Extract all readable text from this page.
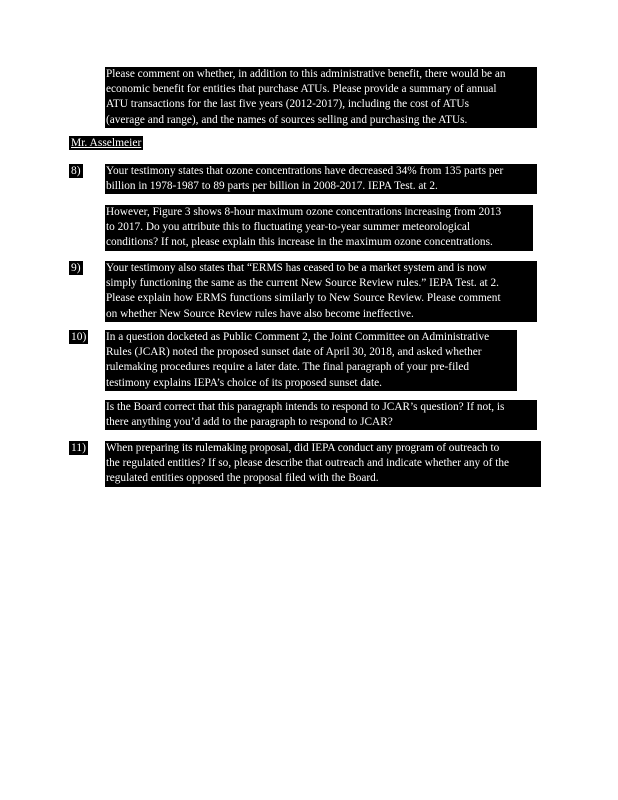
Please comment on whether, in addition to this administrative benefit, there would be an
economic benefit for entities that purchase ATUs. Please provide a summary of annual
ATU transactions for the last five years (2012-2017), including the cost of ATUs
(average and range), and the names of sources selling and purchasing the ATUs.
Mr. Asselmeier
8) Your testimony states that ozone concentrations have decreased 34% from 135 parts per
billion in 1978-1987 to 89 parts per billion in 2008-2017. IEPA Test. at 2.
However, Figure 3 shows 8-hour maximum ozone concentrations increasing from 2013
to 2017. Do you attribute this to fluctuating year-to-year summer meteorological
conditions? If not, please explain this increase in the maximum ozone concentrations.
9) Your testimony also states that “ERMS has ceased to be a market system and is now
simply functioning the same as the current New Source Review rules.” IEPA Test. at 2.
Please explain how ERMS functions similarly to New Source Review. Please comment
on whether New Source Review rules have also become ineffective.
10) In a question docketed as Public Comment 2, the Joint Committee on Administrative
Rules (JCAR) noted the proposed sunset date of April 30, 2018, and asked whether
rulemaking procedures require a later date. The final paragraph of your pre-filed
testimony explains IEPA’s choice of its proposed sunset date.
Is the Board correct that this paragraph intends to respond to JCAR’s question? If not, is
there anything you’d add to the paragraph to respond to JCAR?
11) When preparing its rulemaking proposal, did IEPA conduct any program of outreach to
the regulated entities? If so, please describe that outreach and indicate whether any of the
regulated entities opposed the proposal filed with the Board.
